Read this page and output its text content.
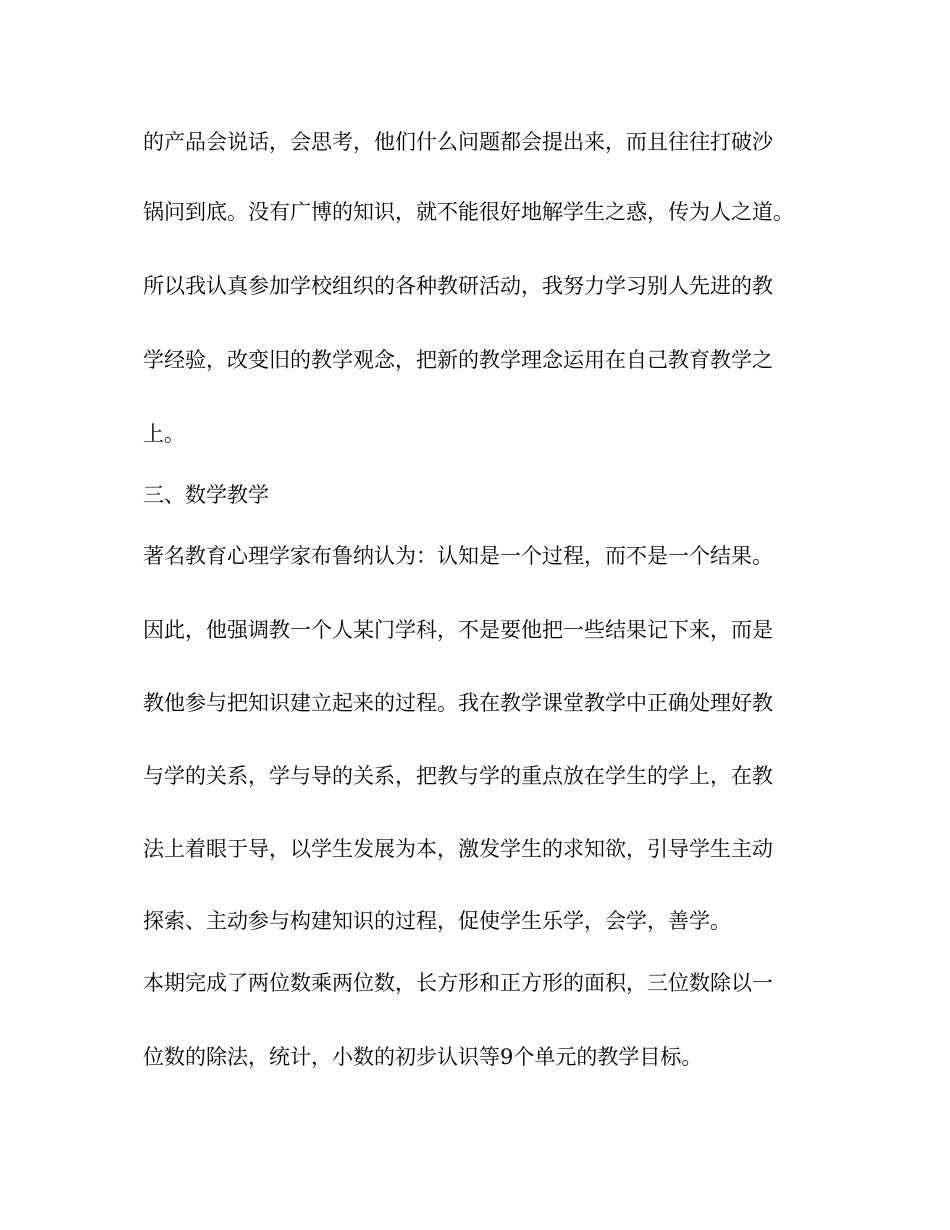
的产品会说话，会思考，他们什么问题都会提出来，而且往往打破沙
锅问到底。没有广博的知识，就不能很好地解学生之惑，传为人之道。
所以我认真参加学校组织的各种教研活动，我努力学习别人先进的教
学经验，改变旧的教学观念，把新的教学理念运用在自己教育教学之
上。
三、数学教学
著名教育心理学家布鲁纳认为：认知是一个过程，而不是一个结果。
因此，他强调教一个人某门学科，不是要他把一些结果记下来，而是
教他参与把知识建立起来的过程。我在教学课堂教学中正确处理好教
与学的关系，学与导的关系，把教与学的重点放在学生的学上，在教
法上着眼于导，以学生发展为本，激发学生的求知欲，引导学生主动
探索、主动参与构建知识的过程，促使学生乐学，会学，善学。
本期完成了两位数乘两位数，长方形和正方形的面积，三位数除以一
位数的除法，统计，小数的初步认识等9个单元的教学目标。
